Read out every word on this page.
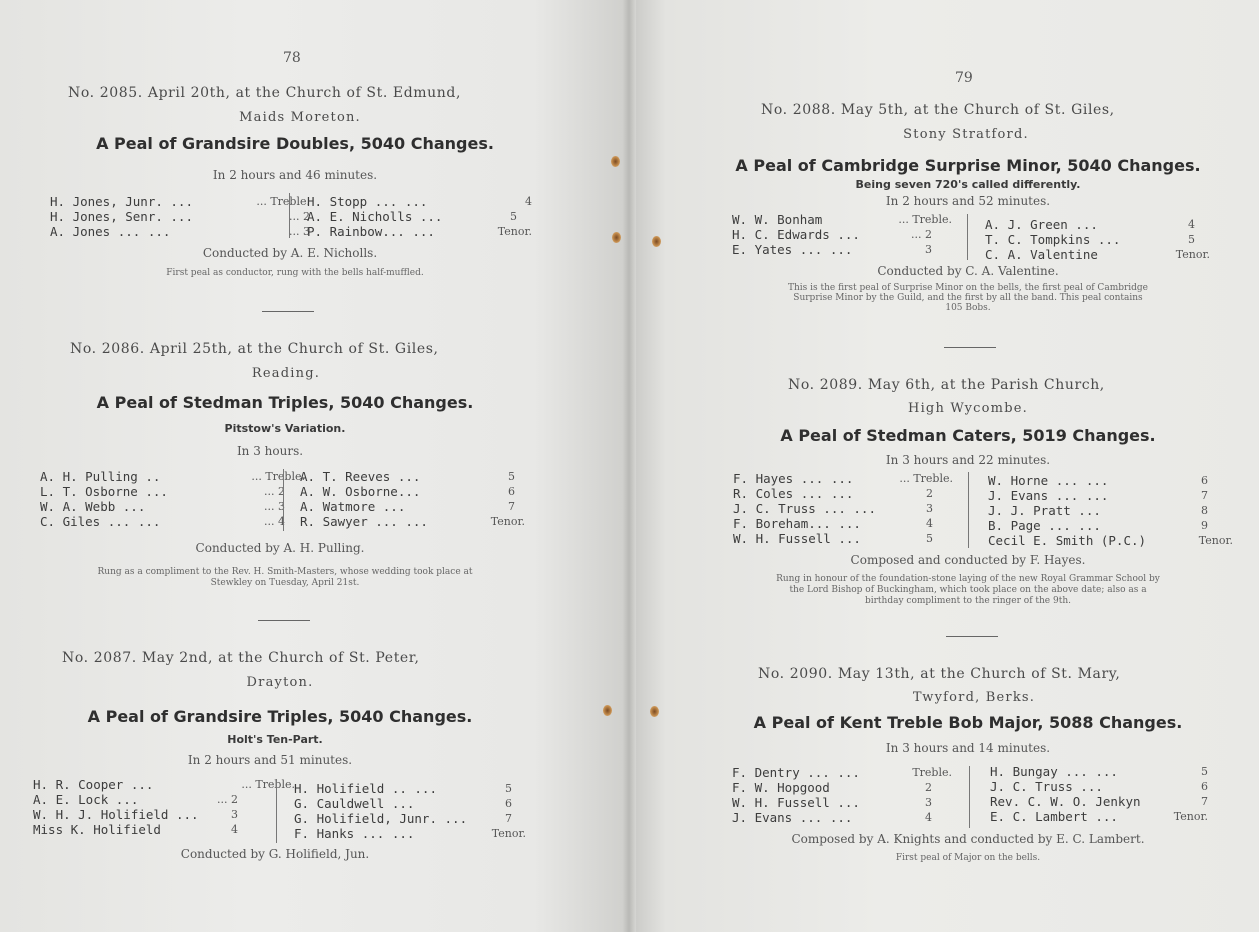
78
No. 2085. April 20th, at the Church of St. Edmund,
Maids Moreton.
A Peal of Grandsire Doubles, 5040 Changes.
In 2 hours and 46 minutes.
H. Jones, Junr. ...	... Treble.
H. Jones, Senr. ...	... 2
A. Jones ... ...	... 3
H. Stopp ... ...	4
A. E. Nicholls ...	5
P. Rainbow... ...	Tenor.
Conducted by A. E. Nicholls.
First peal as conductor, rung with the bells half-muffled.
No. 2086. April 25th, at the Church of St. Giles,
Reading.
A Peal of Stedman Triples, 5040 Changes.
Pitstow's Variation.
In 3 hours.
A. H. Pulling ..	... Treble.
L. T. Osborne ...	... 2
W. A. Webb ...	... 3
C. Giles ... ...	... 4
A. T. Reeves ...	5
A. W. Osborne...	6
A. Watmore ...	7
R. Sawyer ... ...	Tenor.
Conducted by A. H. Pulling.
Rung as a compliment to the Rev. H. Smith-Masters, whose wedding took place at
Stewkley on Tuesday, April 21st.
No. 2087. May 2nd, at the Church of St. Peter,
Drayton.
A Peal of Grandsire Triples, 5040 Changes.
Holt's Ten-Part.
In 2 hours and 51 minutes.
H. R. Cooper ...	... Treble.
A. E. Lock ...	... 2
W. H. J. Holifield ...	3
Miss K. Holifield	4
H. Holifield .. ...	5
G. Cauldwell ...	6
G. Holifield, Junr. ...	7
F. Hanks ... ...	Tenor.
Conducted by G. Holifield, Jun.
79
No. 2088. May 5th, at the Church of St. Giles,
Stony Stratford.
A Peal of Cambridge Surprise Minor, 5040 Changes.
Being seven 720's called differently.
In 2 hours and 52 minutes.
W. W. Bonham	... Treble.
H. C. Edwards ...	... 2
E. Yates ... ...	3
A. J. Green ...	4
T. C. Tompkins ...	5
C. A. Valentine	Tenor.
Conducted by C. A. Valentine.
This is the first peal of Surprise Minor on the bells, the first peal of Cambridge
Surprise Minor by the Guild, and the first by all the band. This peal contains
105 Bobs.
No. 2089. May 6th, at the Parish Church,
High Wycombe.
A Peal of Stedman Caters, 5019 Changes.
In 3 hours and 22 minutes.
F. Hayes ... ...	... Treble.
R. Coles ... ...	2
J. C. Truss ... ...	3
F. Boreham... ...	4
W. H. Fussell ...	5
W. Horne ... ...	6
J. Evans ... ...	7
J. J. Pratt ...	8
B. Page ... ...	9
Cecil E. Smith (P.C.)	Tenor.
Composed and conducted by F. Hayes.
Rung in honour of the foundation-stone laying of the new Royal Grammar School by
the Lord Bishop of Buckingham, which took place on the above date; also as a
birthday compliment to the ringer of the 9th.
No. 2090. May 13th, at the Church of St. Mary,
Twyford, Berks.
A Peal of Kent Treble Bob Major, 5088 Changes.
In 3 hours and 14 minutes.
F. Dentry ... ...	Treble.
F. W. Hopgood	2
W. H. Fussell ...	3
J. Evans ... ...	4
H. Bungay ... ...	5
J. C. Truss ...	6
Rev. C. W. O. Jenkyn	7
E. C. Lambert ...	Tenor.
Composed by A. Knights and conducted by E. C. Lambert.
First peal of Major on the bells.
